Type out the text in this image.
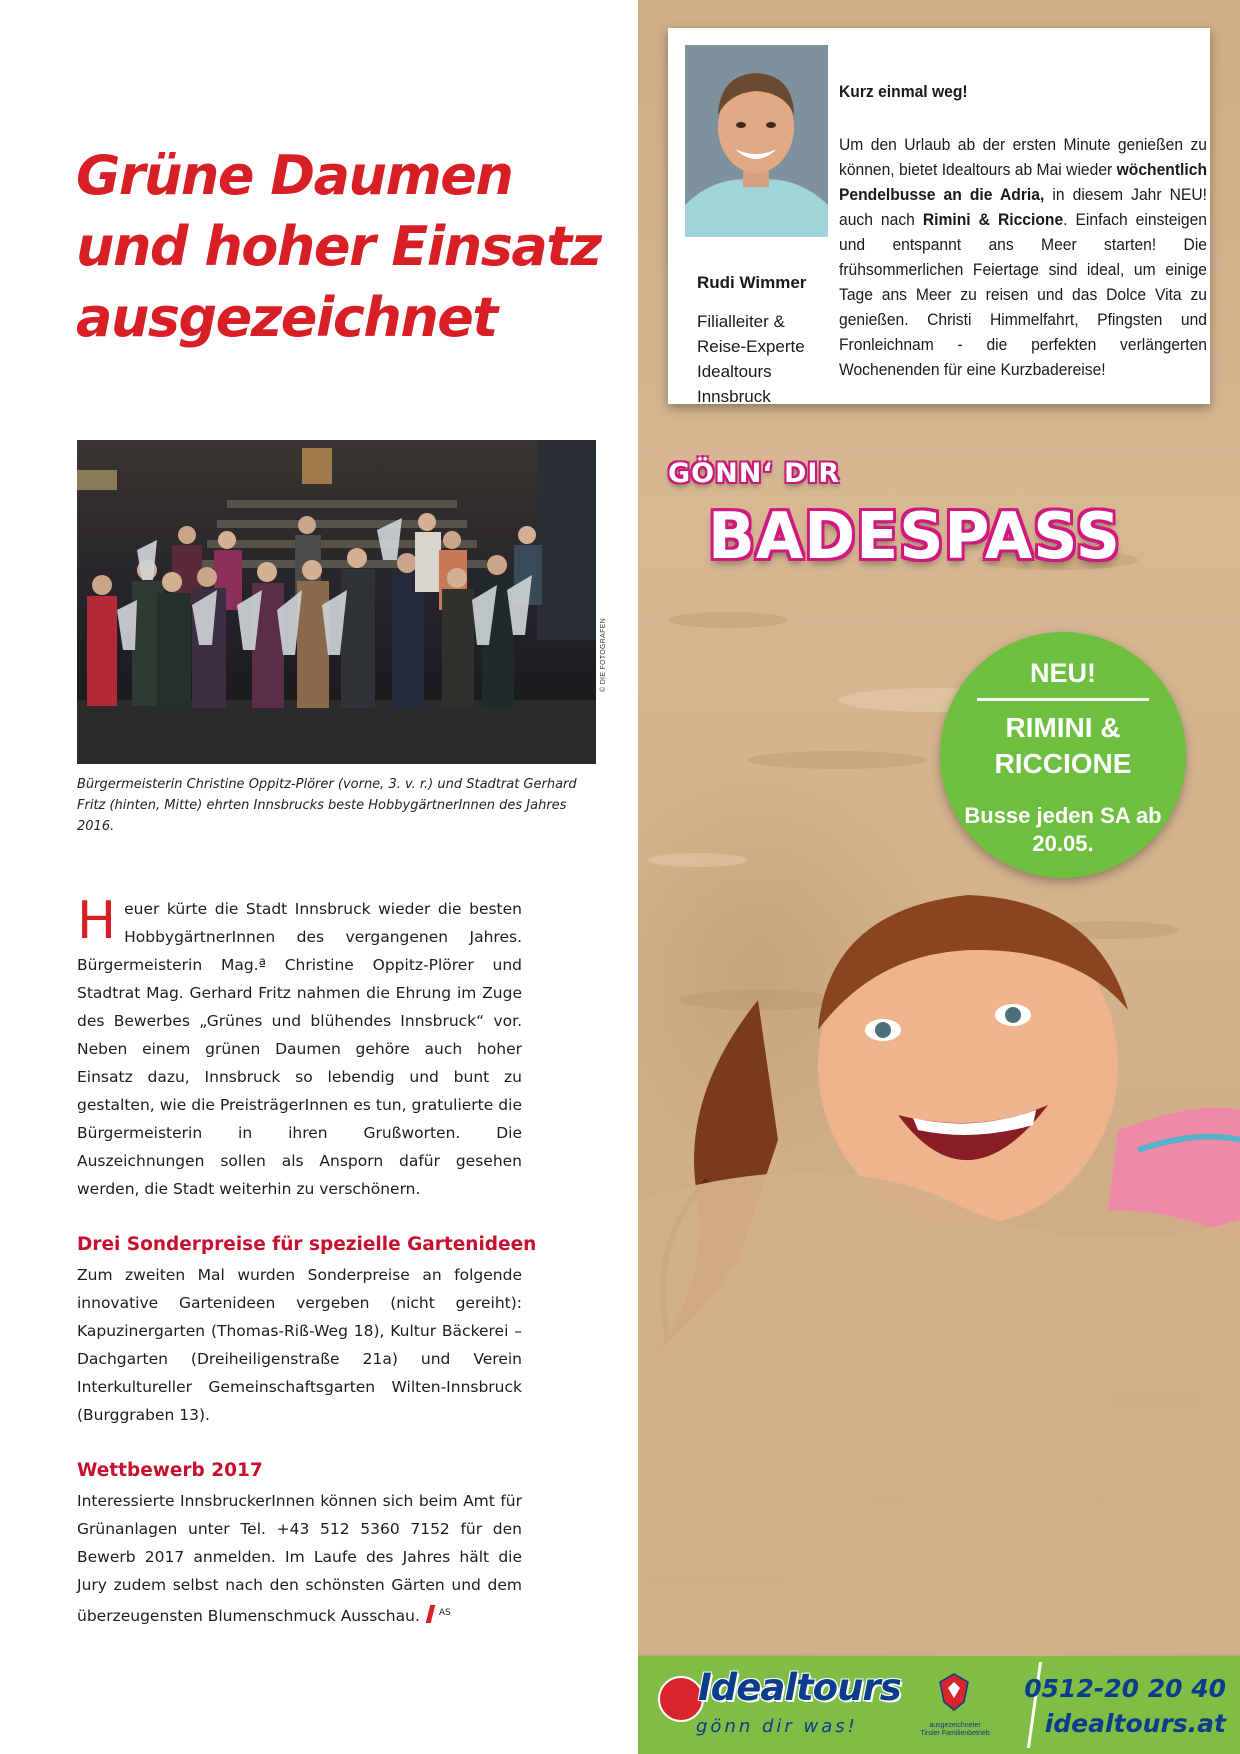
Grüne Daumen und hoher Einsatz ausgezeichnet
© DIE FOTOGRAFEN

Bürgermeisterin Christine Oppitz-Plörer (vorne, 3. v. r.) und Stadtrat Gerhard Fritz (hinten, Mitte) ehrten Innsbrucks beste HobbygärtnerInnen des Jahres 2016.

Heuer kürte die Stadt Innsbruck wieder die besten HobbygärtnerInnen des vergangenen Jahres. Bürgermeisterin Mag.ª Christine Oppitz-Plörer und Stadtrat Mag. Gerhard Fritz nahmen die Ehrung im Zuge des Bewerbes „Grünes und blühendes Innsbruck“ vor. Neben einem grünen Daumen gehöre auch hoher Einsatz dazu, Innsbruck so lebendig und bunt zu gestalten, wie die PreisträgerInnen es tun, gratulierte die Bürgermeisterin in ihren Grußworten. Die Auszeichnungen sollen als Ansporn dafür gesehen werden, die Stadt weiterhin zu verschönern.
Drei Sonderpreise für spezielle Gartenideen
Zum zweiten Mal wurden Sonderpreise an folgende innovative Gartenideen vergeben (nicht gereiht): Kapuzinergarten (Thomas-Riß-Weg 18), Kultur Bäckerei – Dachgarten (Dreiheiligenstraße 21a) und Verein Interkultureller Gemeinschaftsgarten Wilten-Innsbruck (Burggraben 13).
Wettbewerb 2017
Interessierte InnsbruckerInnen können sich beim Amt für Grünanlagen unter Tel. +43 512 5360 7152 für den Bewerb 2017 anmelden. Im Laufe des Jahres hält die Jury zudem selbst nach den schönsten Gärten und dem überzeugensten Blumenschmuck Ausschau. $^{AS}$

Rudi Wimmer

Filialleiter &
Reise-Experte
Idealtours
Innsbruck

Kurz einmal weg!

Um den Urlaub ab der ersten Minute genießen zu können, bietet Idealtours ab Mai wieder wöchentlich Pendelbusse an die Adria, in diesem Jahr NEU! auch nach Rimini & Riccione. Einfach einsteigen und entspannt ans Meer starten! Die frühsommerlichen Feiertage sind ideal, um einige Tage ans Meer zu reisen und das Dolce Vita zu genießen. Christi Himmelfahrt, Pfingsten und Fronleichnam - die perfekten verlängerten Wochenenden für eine Kurzbadereise!

GÖNN‘ DIR
BADESPASS
NEU!
RIMINI & RICCIONE
Busse jeden SA ab 20.05.
Idealtours
gönn dir was!	ausgezeichneter
Tiroler Familienbetrieb
0512-20 20 40
idealtours.at
